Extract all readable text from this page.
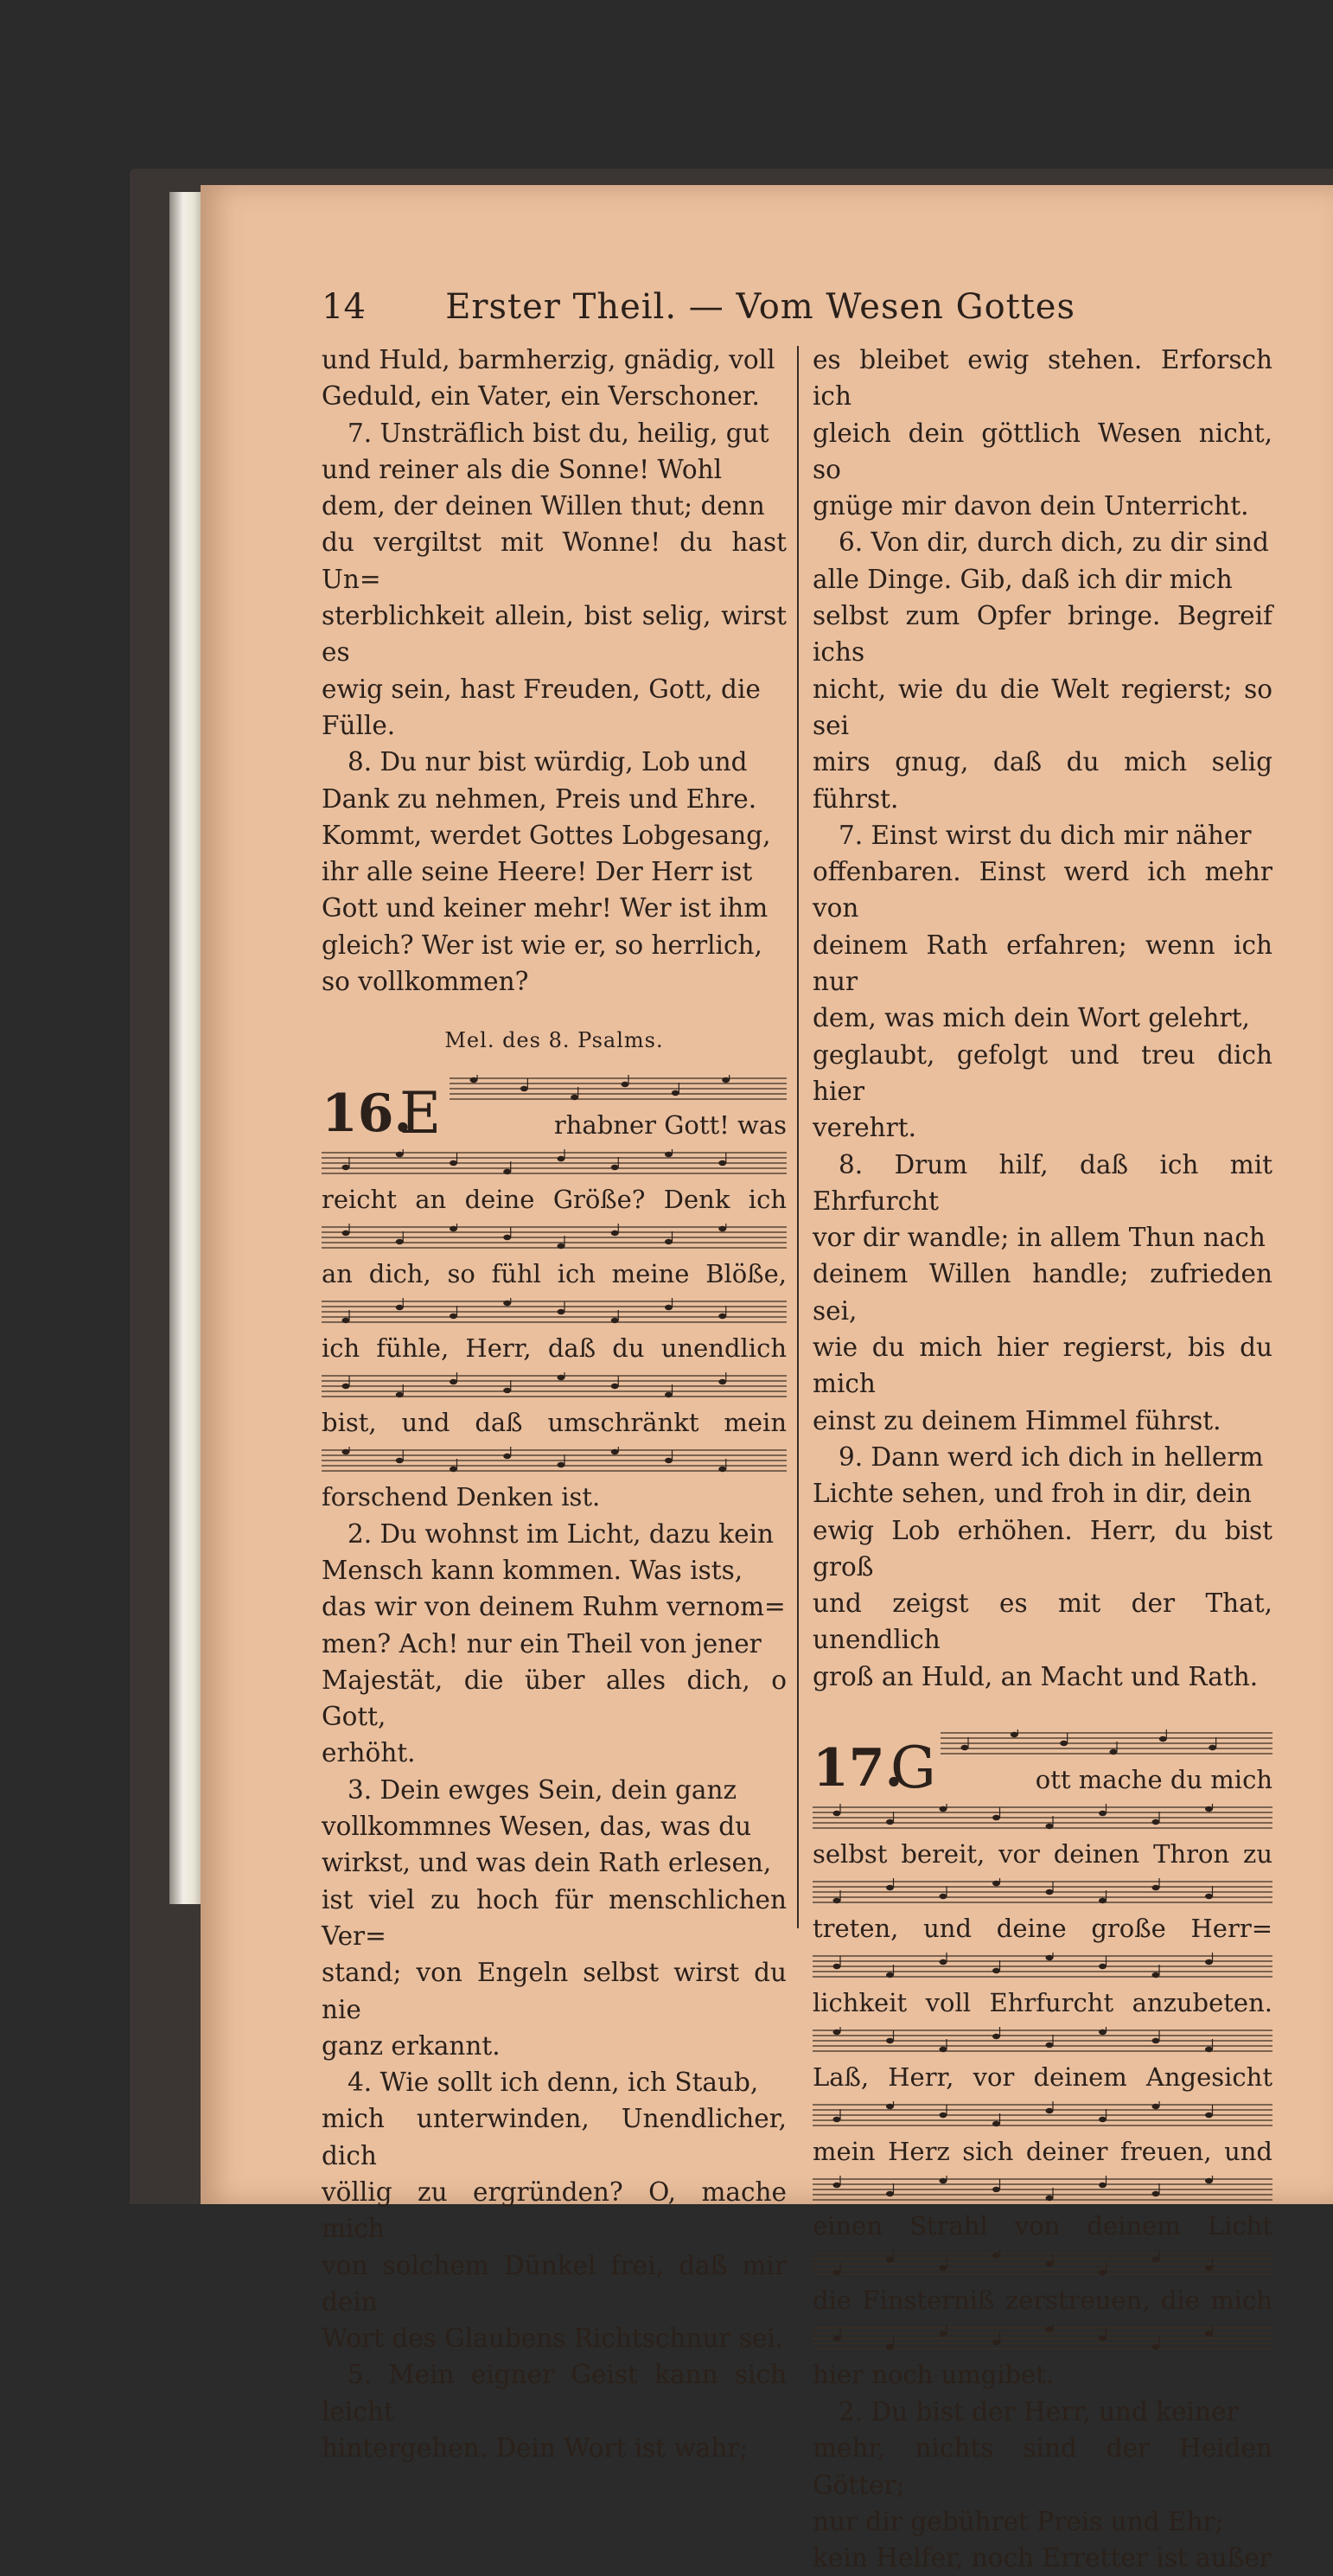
14 Erster Theil. — Vom Wesen Gottes

und Huld, barmherzig, gnädig, voll

Geduld, ein Vater, ein Verschoner.

7. Unsträflich bist du, heilig, gut

und reiner als die Sonne! Wohl

dem, der deinen Willen thut; denn

du vergiltst mit Wonne! du hast Un=

sterblichkeit allein, bist selig, wirst es

ewig sein, hast Freuden, Gott, die

Fülle.

8. Du nur bist würdig, Lob und

Dank zu nehmen, Preis und Ehre.

Kommt, werdet Gottes Lobgesang,

ihr alle seine Heere! Der Herr ist

Gott und keiner mehr! Wer ist ihm

gleich? Wer ist wie er, so herrlich,

so vollkommen?

Mel. des 8. Psalms.

16.
E	rhabner Gott! was
reicht an deine Größe? Denk ich
an dich, so fühl ich meine Blöße,
ich fühle, Herr, daß du unendlich
bist, und daß umschränkt mein
forschend Denken ist.

2. Du wohnst im Licht, dazu kein

Mensch kann kommen. Was ists,

das wir von deinem Ruhm vernom=

men? Ach! nur ein Theil von jener

Majestät, die über alles dich, o Gott,

erhöht.

3. Dein ewges Sein, dein ganz

vollkommnes Wesen, das, was du

wirkst, und was dein Rath erlesen,

ist viel zu hoch für menschlichen Ver=

stand; von Engeln selbst wirst du nie

ganz erkannt.

4. Wie sollt ich denn, ich Staub,

mich unterwinden, Unendlicher, dich

völlig zu ergründen? O, mache mich

von solchem Dünkel frei, daß mir dein

Wort des Glaubens Richtschnur sei.

5. Mein eigner Geist kann sich leicht

hintergehen. Dein Wort ist wahr;

es bleibet ewig stehen. Erforsch ich

gleich dein göttlich Wesen nicht, so

gnüge mir davon dein Unterricht.

6. Von dir, durch dich, zu dir sind

alle Dinge. Gib, daß ich dir mich

selbst zum Opfer bringe. Begreif ichs

nicht, wie du die Welt regierst; so sei

mirs gnug, daß du mich selig führst.

7. Einst wirst du dich mir näher

offenbaren. Einst werd ich mehr von

deinem Rath erfahren; wenn ich nur

dem, was mich dein Wort gelehrt,

geglaubt, gefolgt und treu dich hier

verehrt.

8. Drum hilf, daß ich mit Ehrfurcht

vor dir wandle; in allem Thun nach

deinem Willen handle; zufrieden sei,

wie du mich hier regierst, bis du mich

einst zu deinem Himmel führst.

9. Dann werd ich dich in hellerm

Lichte sehen, und froh in dir, dein

ewig Lob erhöhen. Herr, du bist groß

und zeigst es mit der That, unendlich

groß an Huld, an Macht und Rath.

17.
G	ott mache du mich
selbst bereit, vor deinen Thron zu
treten, und deine große Herr=
lichkeit voll Ehrfurcht anzubeten.
Laß, Herr, vor deinem Angesicht
mein Herz sich deiner freuen, und
einen Strahl von deinem Licht
die Finsterniß zerstreuen, die mich
hier noch umgibet.

2. Du bist der Herr, und keiner

mehr, nichts sind der Heiden Götter;

nur dir gebühret Preis und Ehr;

kein Helfer, noch Erretter ist außer
